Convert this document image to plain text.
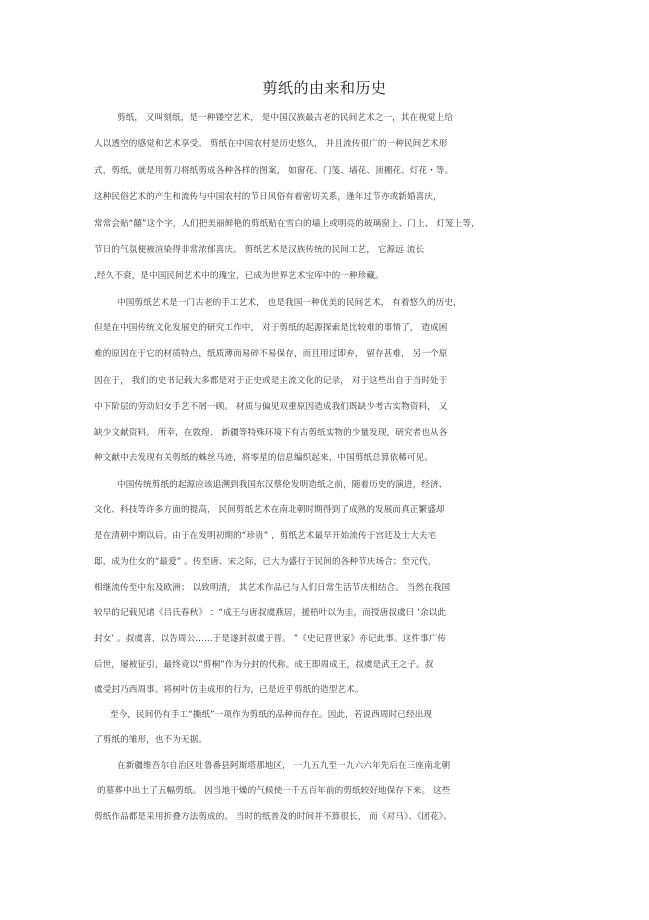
剪纸的由来和历史
剪纸， 又叫刻纸，是一种镂空艺术， 是中国汉族最古老的民间艺术之一，其在视觉上给
人以透空的感觉和艺术享受。 剪纸在中国农村是历史悠久， 并且流传很广的一种民间艺术形
式，剪纸，就是用剪刀将纸剪成各种各样的图案， 如窗花、门笺、墙花、顶棚花、灯花・等。
这种民俗艺术的产生和流传与中国农村的节日风俗有着密切关系，逢年过节亦或新婚喜庆，
常常会贴“囍”这个字，人们把美丽鲜艳的剪纸贴在雪白的墙上或明亮的玻璃窗上、门上、 灯笼上等，
节日的气氛便被渲染得非常浓郁喜庆。 剪纸艺术是汉族传统的民间工艺， 它源远 流长
,经久不衰，是中国民间艺术中的瑰宝，已成为世界艺术宝库中的一种珍藏。
中国剪纸艺术是一门古老的手工艺术， 也是我国一种优美的民间艺术， 有着悠久的历史，
但是在中国传统文化发展史的研究工作中， 对于剪纸的起源探索是比较难的事情了， 造成困
难的原因在于它的材质特点，纸质薄而易碎不易保存，而且用过即弃， 留存甚难， 另一个原
因在于， 我们的史书记载大多都是对于正史或是主流文化的记录， 对于这些出自于当时处于
中下阶层的劳动妇女手艺不屑一顾。 材质与偏见双重原因造成我们既缺少考古实物资料， 又
缺少文献资料。 所幸，在敦煌、 新疆等特殊环境下有古剪纸实物的少量发现，研究者也从各
种文献中去发现有关剪纸的蛛丝马迹，将零星的信息编织起来，中国剪纸总算依稀可见。
中国传统剪纸的起源应该追溯到我国东汉蔡伦发明造纸之前，随着历史的演进，经济、
文化、科技等许多方面的提高， 民间剪纸艺术在南北朝时期得到了成熟的发展而真正繁盛却
是在清朝中期以后。由于在发明初期的“珍贵” ，剪纸艺术最早开始流传于宫廷及士大夫宅
邸，成为仕女的“最爱” 。传至唐、宋之际，已大为盛行于民间的各种节庆场合；至元代，
相继流传至中东及欧洲； 以致明清， 其艺术作品已与人们日常生活节庆相结合。 当然在我国
较早的记载见诸《吕氏春秋》 ：“成王与唐叔虞燕居，援梧叶以为圭，而授唐叔虞曰 ‘余以此
封女’ 。叔虞喜，以告周公……于是遂封叔虞于晋。 ”《史记晋世家》亦记此事。这件事广传
后世，屡被征引，最终竟以“剪桐”作为分封的代称。成王即周成王，叔虞是武王之子。叔
虞受封乃西周事。将树叶仿圭成形的行为，已是近乎剪纸的造型艺术。
至今，民间仍有手工“撕纸”一项作为剪纸的品种而存在。因此，若说西周时已经出现
了剪纸的雏形，也不为无据。
在新疆维吾尔自治区吐鲁番县阿斯塔那地区， 一九五九至一九六六年先后在三座南北朝
的墓葬中出土了五幅剪纸。 因当地干燥的气候使一千五百年前的剪纸较好地保存下来。 这些
剪纸作品都是采用折叠方法剪成的。 当时的纸普及的时间并不算很长， 而《对马》、《团花》、
